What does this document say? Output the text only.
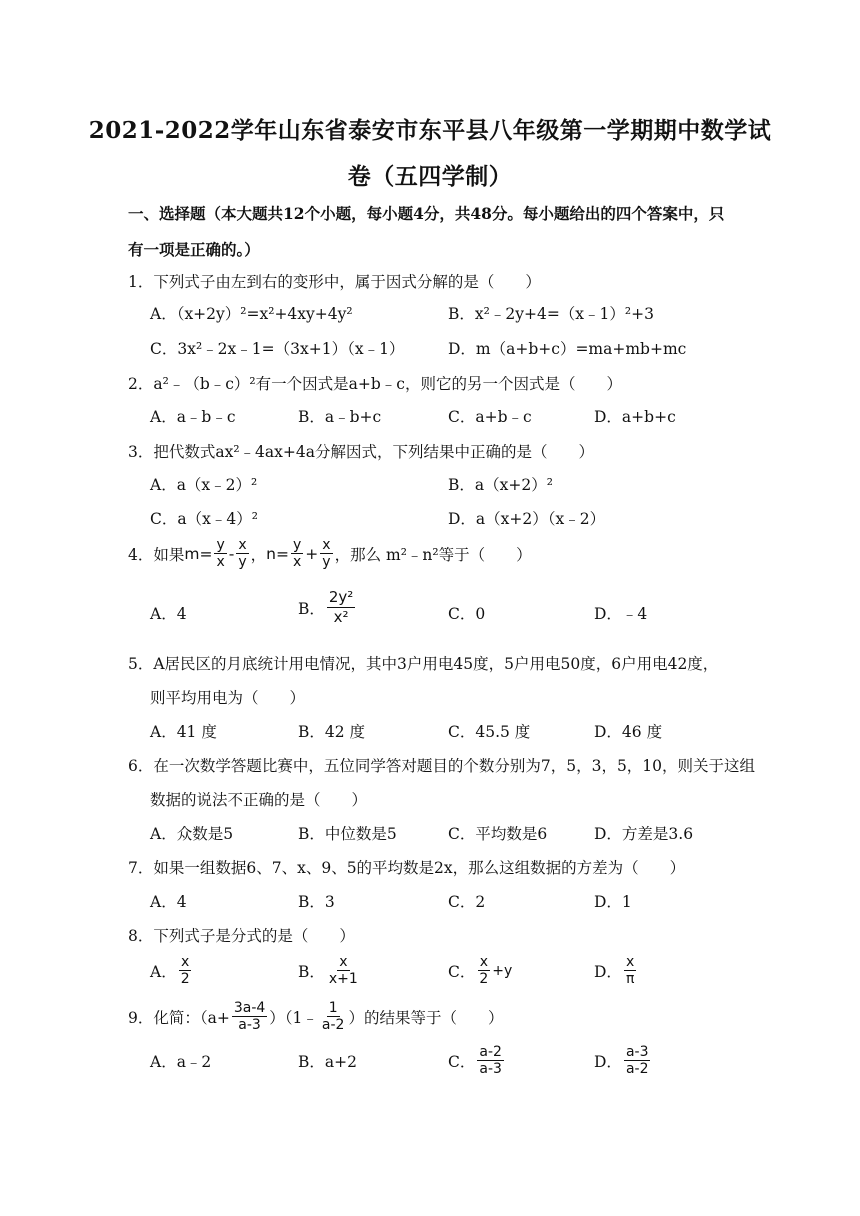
2021-2022学年山东省泰安市东平县八年级第一学期期中数学试
卷（五四学制）
一、选择题（本大题共12个小题，每小题4分，共48分。每小题给出的四个答案中，只
有一项是正确的。）
1．下列式子由左到右的变形中，属于因式分解的是（　　）
A．（x+2y）²=x²+4xy+4y²	B．x²﹣2y+4=（x﹣1）²+3
C．3x²﹣2x﹣1=（3x+1）（x﹣1）	D．m（a+b+c）=ma+mb+mc
2．a²﹣（b﹣c）²有一个因式是a+b﹣c，则它的另一个因式是（　　）
A．a﹣b﹣c	B．a﹣b+c	C．a+b﹣c	D．a+b+c
3．把代数式ax²﹣4ax+4a分解因式，下列结果中正确的是（　　）
A．a（x﹣2）²	B．a（x+2）²
C．a（x﹣4）²	D．a（x+2）（x﹣2）
4．如果 $m= \frac{y}{x} - \frac{x}{y}$ ， $n= \frac{y}{x} + \frac{x}{y}$ ，那么 m²﹣n²等于（　　）
A．4	B． $\frac{\text{2y²}}{\text{x²}}$	C．0	D．﹣4
5．A居民区的月底统计用电情况，其中3户用电45度，5户用电50度，6户用电42度，
则平均用电为（　　）
A．41 度	B．42 度	C．45.5 度	D．46 度
6．在一次数学答题比赛中，五位同学答对题目的个数分别为7，5，3，5，10，则关于这组
数据的说法不正确的是（　　）
A．众数是5	B．中位数是5	C．平均数是6	D．方差是3.6
7．如果一组数据6、7、x、9、5的平均数是2x，那么这组数据的方差为（　　）
A．4	B．3	C．2	D．1
8．下列式子是分式的是（　　）
A． $\frac{x}{2}$	B． $\frac{x}{x+1}$	C． $\frac{x}{2} +y$	D． $\frac{x}{\pi}$
9．化简：（$a+ \frac{3a-4}{a-3}$ ）（1﹣ $\frac{1}{a-2}$ ）的结果等于（　　）
A．a﹣2	B．a+2	C． $\frac{a-2}{a-3}$	D． $\frac{a-3}{a-2}$
